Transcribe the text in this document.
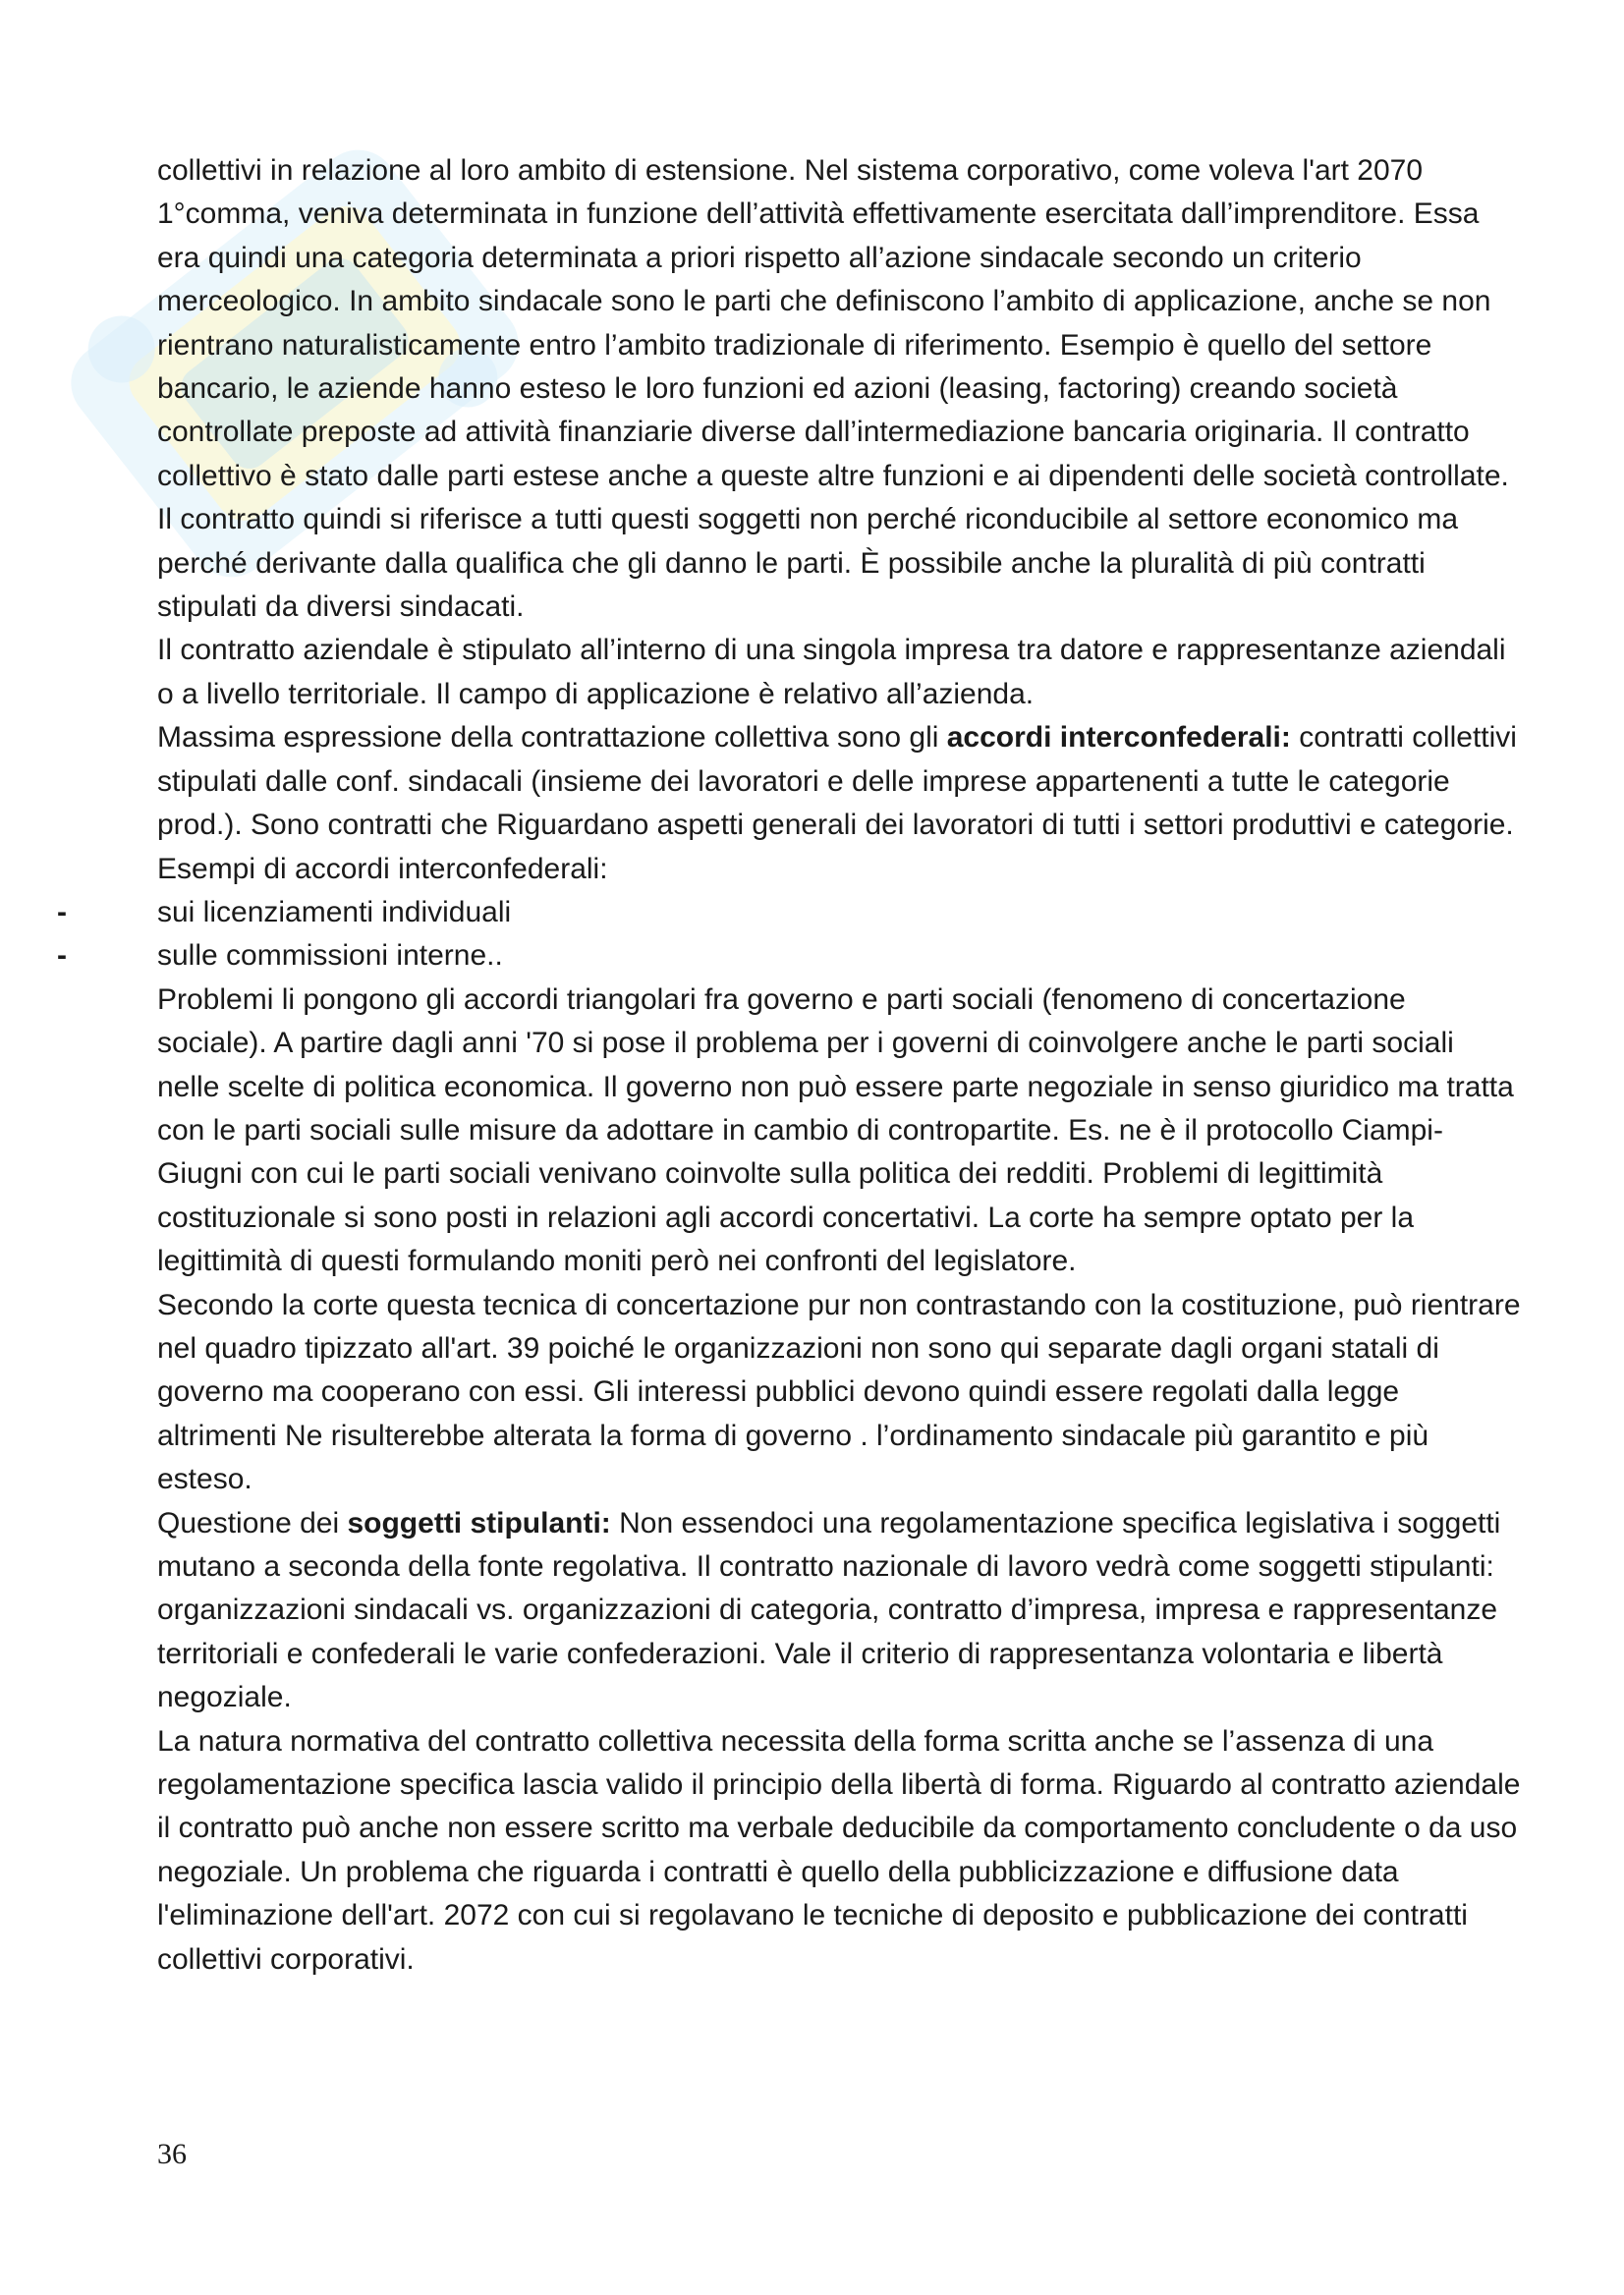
collettivi in relazione al loro ambito di estensione. Nel sistema corporativo, come voleva l'art 2070 1°comma, veniva determinata in funzione dell’attività effettivamente esercitata dall’imprenditore. Essa era quindi una categoria determinata a priori rispetto all’azione sindacale secondo un criterio merceologico. In ambito sindacale sono le parti che definiscono l’ambito di applicazione, anche se non rientrano naturalisticamente entro l’ambito tradizionale di riferimento. Esempio è quello del settore bancario, le aziende hanno esteso le loro funzioni ed azioni (leasing, factoring) creando società controllate preposte ad attività finanziarie diverse dall’intermediazione bancaria originaria. Il contratto collettivo è stato dalle parti estese anche a queste altre funzioni e ai dipendenti delle società controllate. Il contratto quindi si riferisce a tutti questi soggetti non perché riconducibile al settore economico ma perché derivante dalla qualifica che gli danno le parti. È possibile anche la pluralità di più contratti stipulati da diversi sindacati.

Il contratto aziendale è stipulato all’interno di una singola impresa tra datore e rappresentanze aziendali o a livello territoriale. Il campo di applicazione è relativo all’azienda.

Massima espressione della contrattazione collettiva sono gli accordi interconfederali: contratti collettivi stipulati dalle conf. sindacali (insieme dei lavoratori e delle imprese appartenenti a tutte le categorie prod.). Sono contratti che Riguardano aspetti generali dei lavoratori di tutti i settori produttivi e categorie. Esempi di accordi interconfederali:

-	sui licenziamenti individuali
-	sulle commissioni interne..

Problemi li pongono gli accordi triangolari fra governo e parti sociali (fenomeno di concertazione sociale). A partire dagli anni '70 si pose il problema per i governi di coinvolgere anche le parti sociali nelle scelte di politica economica. Il governo non può essere parte negoziale in senso giuridico ma tratta con le parti sociali sulle misure da adottare in cambio di contropartite. Es. ne è il protocollo Ciampi-Giugni con cui le parti sociali venivano coinvolte sulla politica dei redditi. Problemi di legittimità costituzionale si sono posti in relazioni agli accordi concertativi. La corte ha sempre optato per la legittimità di questi formulando moniti però nei confronti del legislatore.

Secondo la corte questa tecnica di concertazione pur non contrastando con la costituzione, può rientrare nel quadro tipizzato all'art. 39 poiché le organizzazioni non sono qui separate dagli organi statali di governo ma cooperano con essi. Gli interessi pubblici devono quindi essere regolati dalla legge altrimenti Ne risulterebbe alterata la forma di governo . l’ordinamento sindacale più garantito e più esteso.

Questione dei soggetti stipulanti: Non essendoci una regolamentazione specifica legislativa i soggetti mutano a seconda della fonte regolativa. Il contratto nazionale di lavoro vedrà come soggetti stipulanti: organizzazioni sindacali vs. organizzazioni di categoria, contratto d’impresa, impresa e rappresentanze territoriali e confederali le varie confederazioni. Vale il criterio di rappresentanza volontaria e libertà negoziale.

La natura normativa del contratto collettiva necessita della forma scritta anche se l’assenza di una regolamentazione specifica lascia valido il principio della libertà di forma. Riguardo al contratto aziendale il contratto può anche non essere scritto ma verbale deducibile da comportamento concludente o da uso negoziale. Un problema che riguarda i contratti è quello della pubblicizzazione e diffusione data l'eliminazione dell'art. 2072 con cui si regolavano le tecniche di deposito e pubblicazione dei contratti collettivi corporativi.

36
